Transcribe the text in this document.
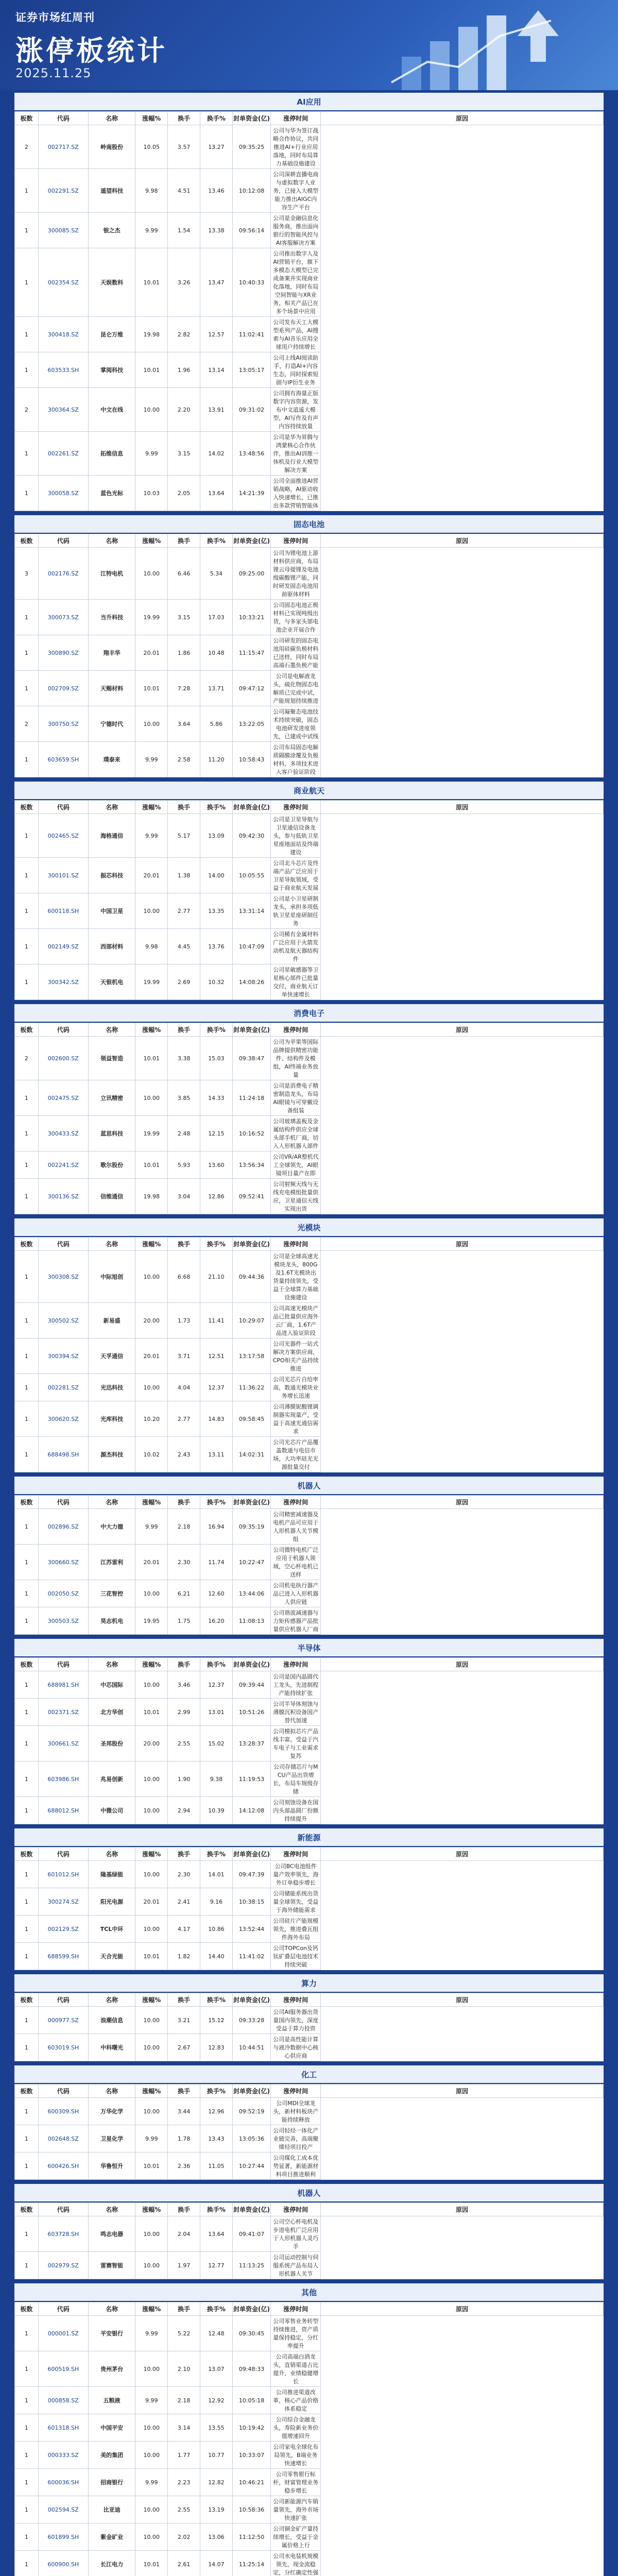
证券市场红周刊
涨停板统计
2025.11.25
AI应用
板数	代码	名称	涨幅%	换手	换手%	封单资金(亿)	涨停时间	原因
2	002717.SZ	岭南股份	10.05	3.57	13.27	09:35:25	公司与华为签订战略合作协议，共同推进AI+行业应用落地，同时布局算力基础设施建设	
1	002291.SZ	遥望科技	9.98	4.51	13.46	10:12:08	公司深耕直播电商与虚拟数字人业务，已接入大模型能力推出AIGC内容生产平台	
1	300085.SZ	银之杰	9.99	1.54	13.38	09:56:14	公司是金融信息化服务商，推出面向银行的智能风控与AI客服解决方案	
1	002354.SZ	天娱数科	10.01	3.26	13.47	10:40:33	公司推出数字人及AI营销平台，旗下多模态大模型已完成备案并实现商业化落地，同时布局空间智能与XR业务，相关产品已在多个场景中应用	
1	300418.SZ	昆仑万维	19.98	2.82	12.57	11:02:41	公司发布天工大模型系列产品，AI搜索与AI音乐应用全球用户持续增长	
1	603533.SH	掌阅科技	10.01	1.96	13.14	13:05:17	公司上线AI阅读助手，打造AI+内容生态，同时探索短剧与IP衍生业务	
2	300364.SZ	中文在线	10.00	2.20	13.91	09:31:02	公司拥有海量正版数字内容资源，发布中文逍遥大模型，AI写作及有声内容持续放量	
1	002261.SZ	拓维信息	9.99	3.15	14.02	13:48:56	公司是华为昇腾与鸿蒙核心合作伙伴，推出AI训推一体机及行业大模型解决方案	
1	300058.SZ	蓝色光标	10.03	2.05	13.64	14:21:39	公司全面推进AI营销战略，AI驱动收入快速增长，已推出多款营销智能体	
固态电池
板数	代码	名称	涨幅%	换手	换手%	封单资金(亿)	涨停时间	原因
3	002176.SZ	江特电机	10.00	6.46	5.34	09:25:00	公司为锂电池上游材料供应商，布局锂云母提锂及电池级碳酸锂产能，同时研发固态电池用前驱体材料	
1	300073.SZ	当升科技	19.99	3.15	17.03	10:33:21	公司固态电池正极材料已实现吨级出货，与多家头部电池企业开展合作	
1	300890.SZ	翔丰华	20.01	1.86	10.48	11:15:47	公司研发的固态电池用硅碳负极材料已送样，同时布局高端石墨负极产能	
1	002709.SZ	天赐材料	10.01	7.28	13.71	09:47:12	公司是电解液龙头，硫化物固态电解质已完成中试，产能规划持续推进	
2	300750.SZ	宁德时代	10.00	3.64	5.86	13:22:05	公司凝聚态电池技术持续突破，固态电池研发进度领先，已建成中试线	
1	603659.SH	璞泰来	9.99	2.58	11.20	10:58:43	公司布局固态电解质隔膜涂覆及负极材料，多项技术进入客户验证阶段	
商业航天
板数	代码	名称	涨幅%	换手	换手%	封单资金(亿)	涨停时间	原因
1	002465.SZ	海格通信	9.99	5.17	13.09	09:42:30	公司是卫星导航与卫星通信设备龙头，参与低轨卫星星座地面站及终端建设	
1	300101.SZ	振芯科技	20.01	1.38	14.00	10:05:55	公司北斗芯片及终端产品广泛应用于卫星导航领域，受益于商业航天发展	
1	600118.SH	中国卫星	10.00	2.77	13.35	13:31:14	公司是小卫星研制龙头，承担多项低轨卫星星座研制任务	
1	002149.SZ	西部材料	9.98	4.45	13.76	10:47:09	公司稀有金属材料广泛应用于火箭发动机及航天器结构件	
1	300342.SZ	天银机电	19.99	2.69	10.32	14:08:26	公司星敏感器等卫星核心部件已批量交付，商业航天订单快速增长	
消费电子
板数	代码	名称	涨幅%	换手	换手%	封单资金(亿)	涨停时间	原因
2	002600.SZ	领益智造	10.01	3.38	15.03	09:38:47	公司为苹果等国际品牌提供精密功能件、结构件及模组，AI终端业务放量	
1	002475.SZ	立讯精密	10.00	3.85	14.33	11:24:18	公司是消费电子精密制造龙头，布局AI眼镜与可穿戴设备组装	
1	300433.SZ	蓝思科技	19.99	2.48	12.15	10:16:52	公司玻璃盖板及金属结构件供应全球头部手机厂商，切入人形机器人部件	
1	002241.SZ	歌尔股份	10.01	5.93	13.60	13:56:34	公司VR/AR整机代工全球领先，AI眼镜项目量产在即	
1	300136.SZ	信维通信	19.98	3.04	12.86	09:52:41	公司射频天线与无线充电模组批量供应，卫星通信天线实现出货	
光模块
板数	代码	名称	涨幅%	换手	换手%	封单资金(亿)	涨停时间	原因
1	300308.SZ	中际旭创	10.00	6.68	21.10	09:44:36	公司是全球高速光模块龙头，800G及1.6T光模块出货量持续领先，受益于全球算力基础设施建设	
1	300502.SZ	新易盛	20.00	1.73	11.41	10:29:07	公司高速光模块产品已批量供应海外云厂商，1.6T产品进入验证阶段	
1	300394.SZ	天孚通信	20.01	3.71	12.51	13:17:58	公司光器件一站式解决方案供应商，CPO相关产品持续推进	
1	002281.SZ	光迅科技	10.00	4.04	12.37	11:36:22	公司光芯片自给率高，数通光模块业务增长迅速	
1	300620.SZ	光库科技	10.20	2.77	14.83	09:58:45	公司薄膜铌酸锂调制器实现量产，受益于高速光通信需求	
1	688498.SH	源杰科技	10.02	2.43	13.11	14:02:31	公司光芯片产品覆盖数通与电信市场，大功率硅光光源批量交付	
机器人
板数	代码	名称	涨幅%	换手	换手%	封单资金(亿)	涨停时间	原因
1	002896.SZ	中大力德	9.99	2.18	16.94	09:35:19	公司精密减速器及电机产品可应用于人形机器人关节模组	
1	300660.SZ	江苏雷利	20.01	2.30	11.74	10:22:47	公司微特电机广泛应用于机器人领域，空心杯电机已送样	
1	002050.SZ	三花智控	10.00	6.21	12.60	13:44:06	公司机电执行器产品已进入人形机器人供应链	
1	300503.SZ	昊志机电	19.95	1.75	16.20	11:08:13	公司谐波减速器与力矩传感器产品批量供应机器人厂商	
半导体
板数	代码	名称	涨幅%	换手	换手%	封单资金(亿)	涨停时间	原因
1	688981.SH	中芯国际	10.00	3.46	12.37	09:39:44	公司是国内晶圆代工龙头，先进制程产能持续扩张	
1	002371.SZ	北方华创	10.01	2.99	13.01	10:51:26	公司半导体刻蚀与薄膜沉积设备国产替代加速	
1	300661.SZ	圣邦股份	20.00	2.55	15.02	13:28:37	公司模拟芯片产品线丰富，受益于汽车电子与工业需求复苏	
1	603986.SH	兆易创新	10.00	1.90	9.38	11:19:53	公司存储芯片与MCU产品出货增长，布局车规级存储	
1	688012.SH	中微公司	10.00	2.94	10.39	14:12:08	公司刻蚀设备在国内头部晶圆厂份额持续提升	
新能源
板数	代码	名称	涨幅%	换手	换手%	封单资金(亿)	涨停时间	原因
1	601012.SH	隆基绿能	10.00	2.30	14.01	09:47:39	公司BC电池组件量产效率领先，海外订单稳步增长	
1	300274.SZ	阳光电源	20.01	2.41	9.16	10:38:15	公司储能系统出货量全球领先，受益于海外储能需求	
1	002129.SZ	TCL中环	10.00	4.17	10.86	13:52:44	公司硅片产能规模领先，推进叠瓦组件海外布局	
1	688599.SH	天合光能	10.01	1.82	14.40	11:41:02	公司TOPCon及钙钛矿叠层电池技术持续突破	
算力
板数	代码	名称	涨幅%	换手	换手%	封单资金(亿)	涨停时间	原因
1	000977.SZ	浪潮信息	10.00	3.21	15.12	09:33:28	公司AI服务器出货量国内领先，深度受益于算力投资	
1	603019.SH	中科曙光	10.00	2.67	12.83	10:44:51	公司是高性能计算与液冷数据中心核心供应商	
化工
板数	代码	名称	涨幅%	换手	换手%	封单资金(亿)	涨停时间	原因
1	600309.SH	万华化学	10.00	3.44	12.96	09:52:19	公司MDI全球龙头，新材料板块产能持续释放	
1	002648.SZ	卫星化学	9.99	1.78	13.43	13:05:36	公司轻烃一体化产业链完善，高端聚烯烃项目投产	
1	600426.SH	华鲁恒升	10.01	2.36	11.05	10:27:44	公司煤化工成本优势显著，新能源材料项目推进顺利	
机器人
板数	代码	名称	涨幅%	换手	换手%	封单资金(亿)	涨停时间	原因
1	603728.SH	鸣志电器	10.00	2.04	13.64	09:41:07	公司空心杯电机及步进电机广泛应用于人形机器人灵巧手	
1	002979.SZ	雷赛智能	10.00	1.97	12.77	11:13:25	公司运动控制与伺服系统产品布局人形机器人关节	
其他
板数	代码	名称	涨幅%	换手	换手%	封单资金(亿)	涨停时间	原因
1	000001.SZ	平安银行	9.99	5.22	12.48	09:30:45	公司零售业务转型持续推进，资产质量保持稳定，分红率提升	
1	600519.SH	贵州茅台	10.00	2.10	13.07	09:48:33	公司高端白酒龙头，直销渠道占比提升，业绩稳健增长	
1	000858.SZ	五粮液	9.99	2.18	12.92	10:05:18	公司推进渠道改革，核心产品价格体系稳定	
1	601318.SH	中国平安	10.00	3.14	13.55	10:19:42	公司综合金融龙头，寿险新业务价值增速回升	
1	000333.SZ	美的集团	10.00	1.77	10.77	10:33:07	公司家电全球化布局领先，B端业务快速增长	
1	600036.SH	招商银行	9.99	2.23	12.82	10:46:21	公司零售银行标杆，财富管理业务稳步增长	
1	002594.SZ	比亚迪	10.00	2.55	13.19	10:58:36	公司新能源汽车销量领先，海外市场快速扩张	
1	601899.SH	紫金矿业	10.00	2.02	13.06	11:12:50	公司铜金矿产量持续增长，受益于金属价格上行	
1	600900.SH	长江电力	10.01	2.61	14.07	11:25:14	公司水电装机规模领先，现金流稳定，分红确定性强	
